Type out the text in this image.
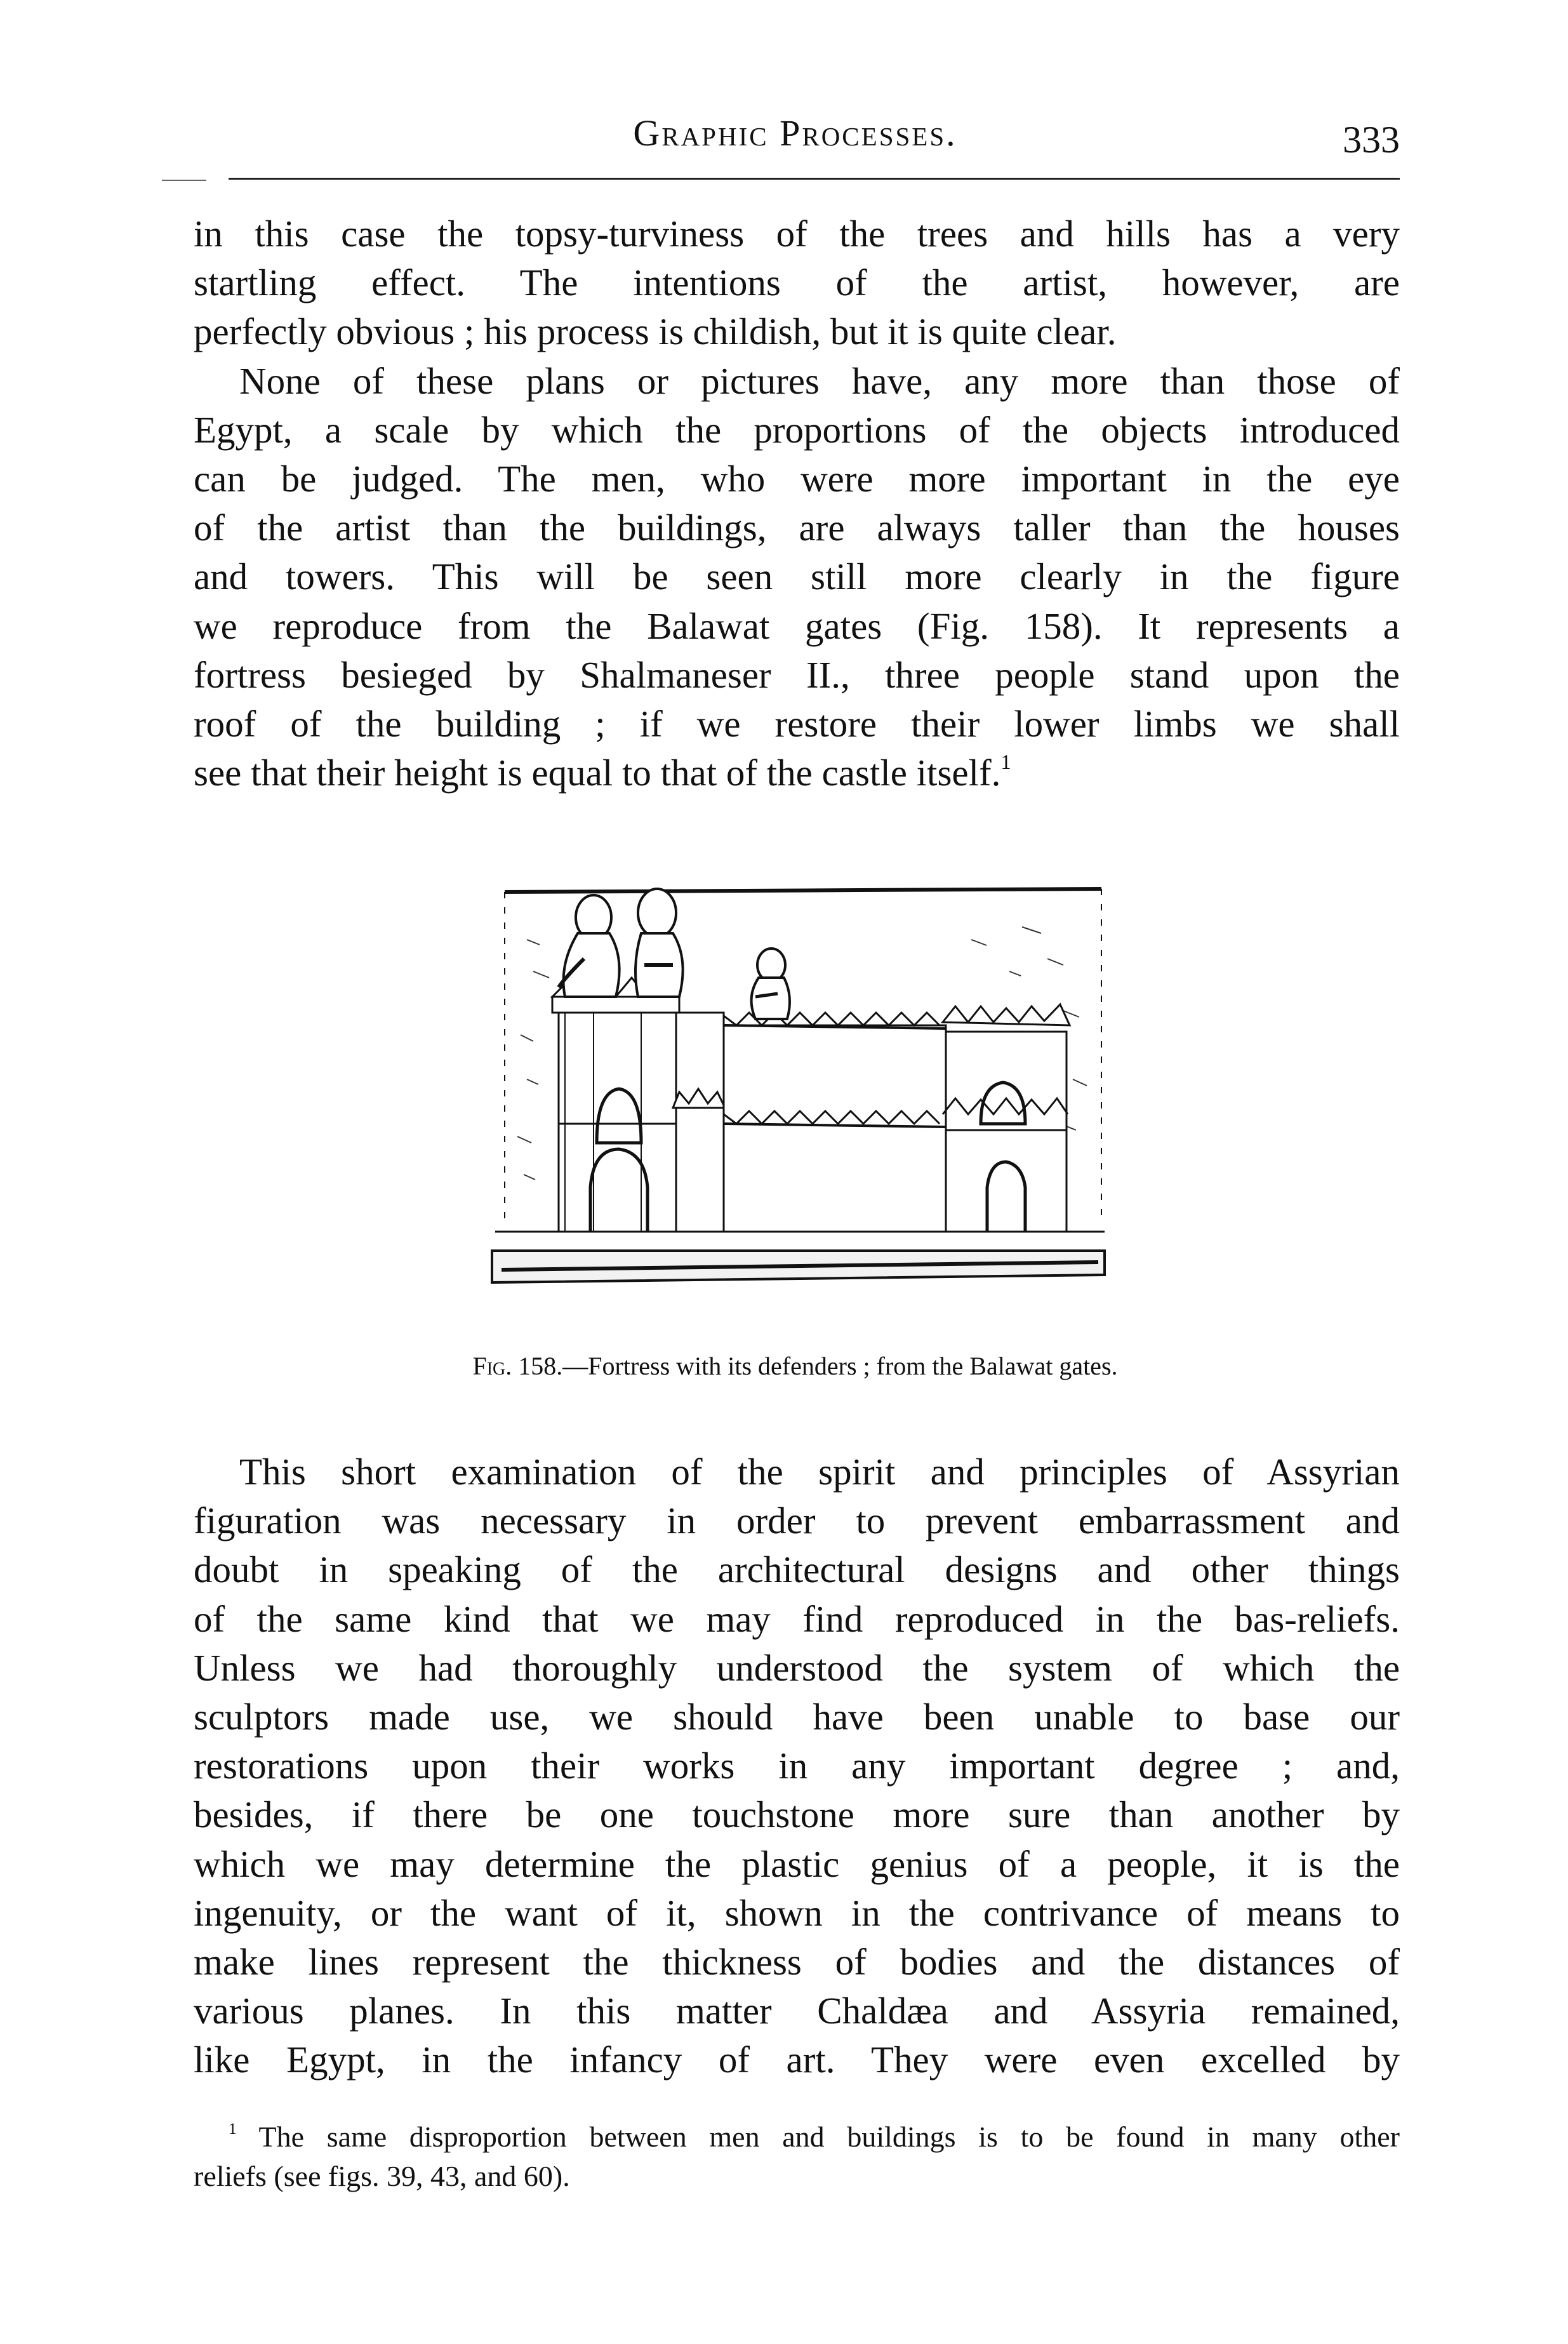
Graphic Processes.	333

in this case the topsy-turviness of the trees and hills has a very
startling effect. The intentions of the artist, however, are
perfectly obvious ; his process is childish, but it is quite clear.

None of these plans or pictures have, any more than those of
Egypt, a scale by which the proportions of the objects introduced
can be judged. The men, who were more important in the eye
of the artist than the buildings, are always taller than the houses
and towers. This will be seen still more clearly in the figure
we reproduce from the Balawat gates (Fig. 158). It represents a
fortress besieged by Shalmaneser II., three people stand upon the
roof of the building ; if we restore their lower limbs we shall
see that their height is equal to that of the castle itself.$^1$

Fig. 158.—Fortress with its defenders ; from the Balawat gates.

This short examination of the spirit and principles of Assyrian
figuration was necessary in order to prevent embarrassment and
doubt in speaking of the architectural designs and other things
of the same kind that we may find reproduced in the bas-reliefs.
Unless we had thoroughly understood the system of which the
sculptors made use, we should have been unable to base our
restorations upon their works in any important degree ; and,
besides, if there be one touchstone more sure than another by
which we may determine the plastic genius of a people, it is the
ingenuity, or the want of it, shown in the contrivance of means to
make lines represent the thickness of bodies and the distances of
various planes. In this matter Chaldæa and Assyria remained,
like Egypt, in the infancy of art. They were even excelled by

$^1$ The same disproportion between men and buildings is to be found in many other
reliefs (see figs. 39, 43, and 60).
